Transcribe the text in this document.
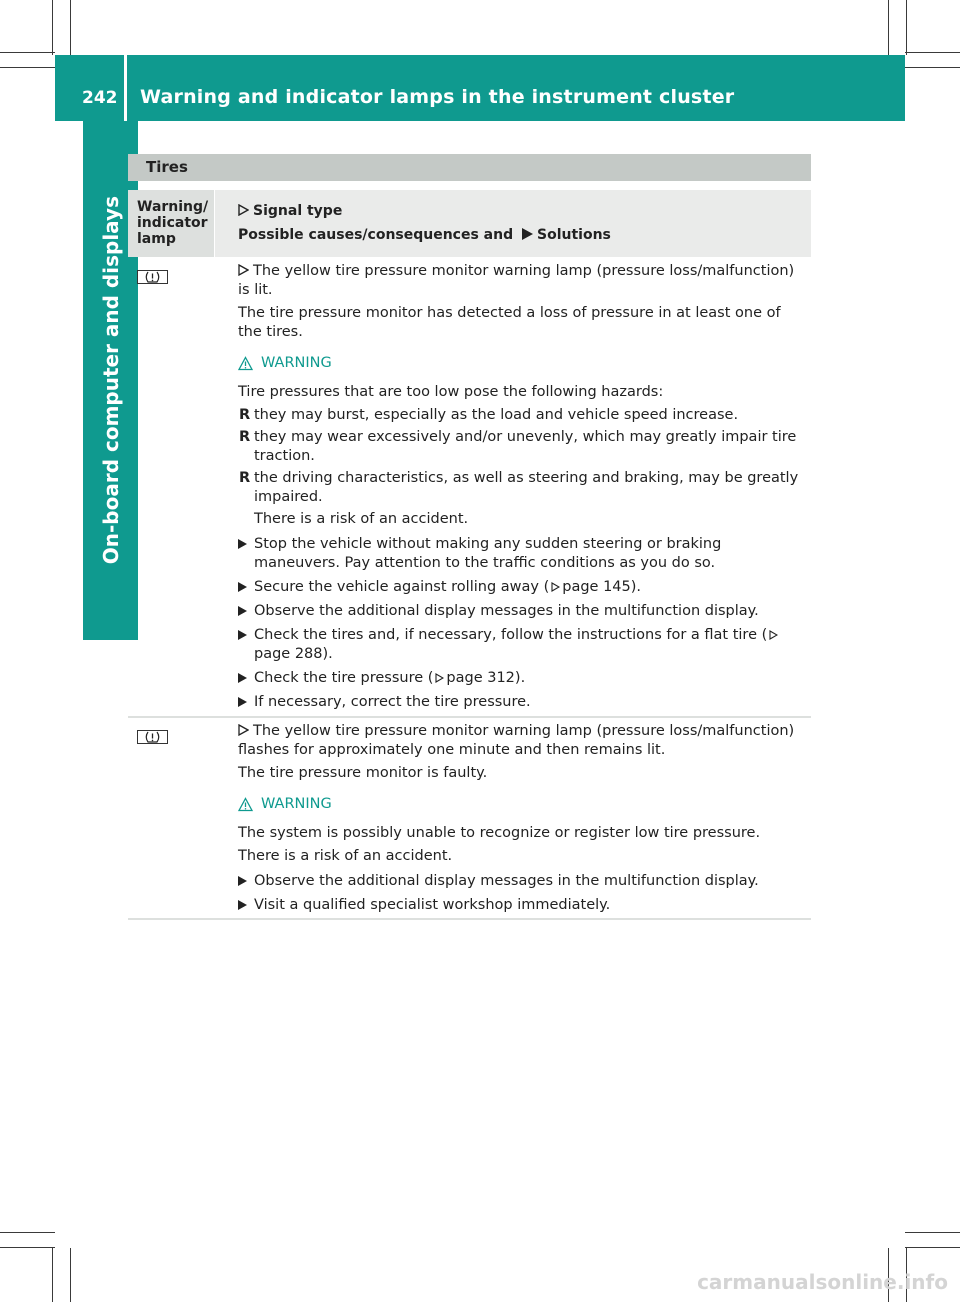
242 Warning and indicator lamps in the instrument cluster
On-board computer and displays
Tires
Warning/
indicator
lamp
Signal type
Possible causes/consequences and Solutions

The yellow tire pressure monitor warning lamp (pressure loss/malfunction) is lit.

The tire pressure monitor has detected a loss of pressure in at least one of the tires.

WARNING

Tire pressures that are too low pose the following hazards:

R they may burst, especially as the load and vehicle speed increase.
R they may wear excessively and/or unevenly, which may greatly impair tire traction.
R the driving characteristics, as well as steering and braking, may be greatly impaired.
There is a risk of an accident.
Stop the vehicle without making any sudden steering or braking maneuvers. Pay attention to the traffic conditions as you do so.
Secure the vehicle against rolling away ( page 145).
Observe the additional display messages in the multifunction display.
Check the tires and, if necessary, follow the instructions for a flat tire (page 288).
Check the tire pressure ( page 312).
If necessary, correct the tire pressure.

The yellow tire pressure monitor warning lamp (pressure loss/malfunction) flashes for approximately one minute and then remains lit.

The tire pressure monitor is faulty.

WARNING

The system is possibly unable to recognize or register low tire pressure.

There is a risk of an accident.

Observe the additional display messages in the multifunction display.
Visit a qualified specialist workshop immediately.
carmanualsonline.info
